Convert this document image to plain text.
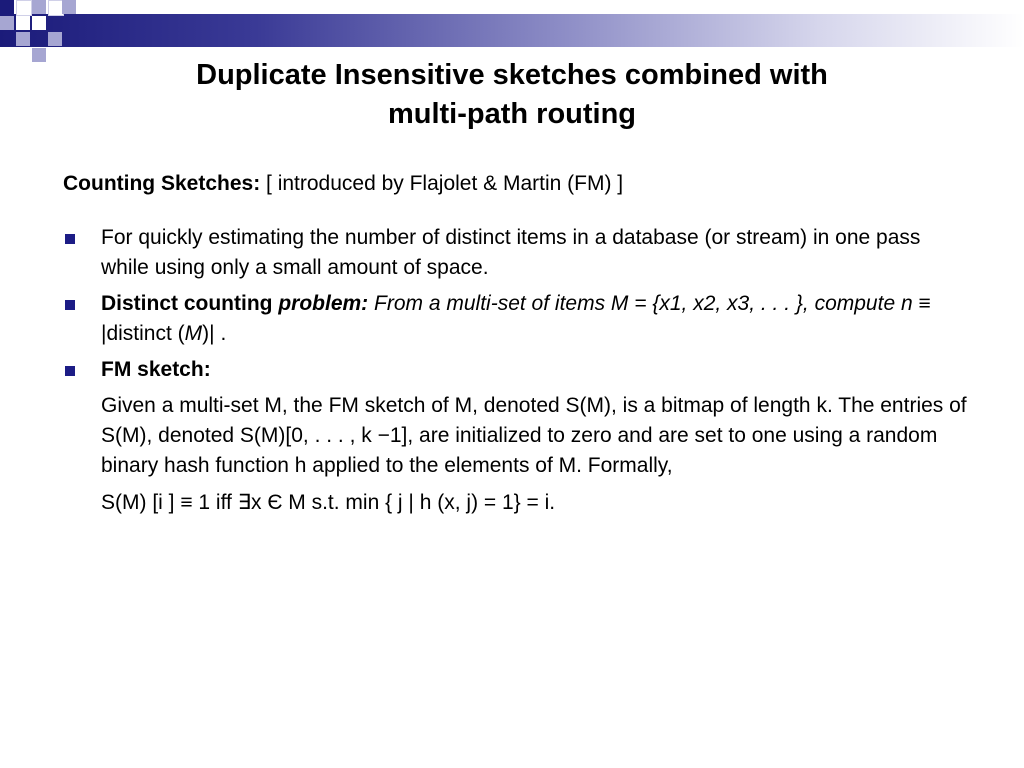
Duplicate Insensitive sketches combined with
multi-path routing
Counting Sketches: [ introduced by Flajolet & Martin (FM) ]
For quickly estimating the number of distinct items in a database (or stream) in one pass while using only a small amount of space.
Distinct counting problem: From a multi-set of items M = {x1, x2, x3, . . . }, compute n ≡ |distinct (M)| .
FM sketch:
Given a multi-set M, the FM sketch of M, denoted S(M), is a bitmap of length k. The entries of S(M), denoted S(M)[0, . . . , k −1], are initialized to zero and are set to one using a random binary hash function h applied to the elements of M. Formally,
S(M) [i ] ≡ 1 iff ∃x Є M s.t. min { j | h (x, j) = 1} = i.
